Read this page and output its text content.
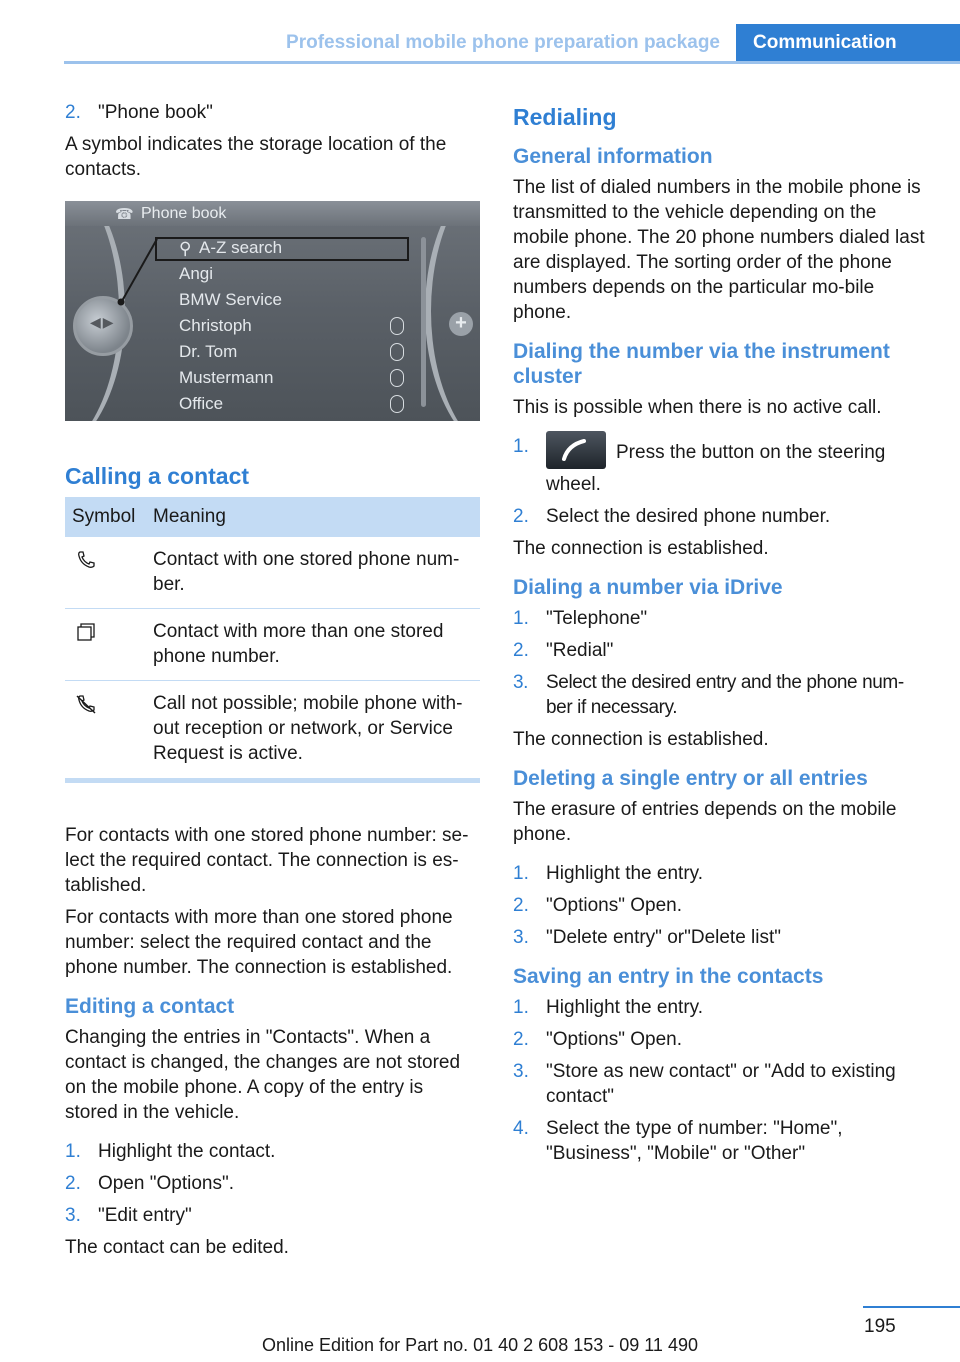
Professional mobile phone preparation package	Communication
2. "Phone book"

A symbol indicates the storage location of the contacts.

☎ Phone book
⚲ A-Z search
Angi
BMW Service
Christoph
Dr. Tom
Mustermann
Office
◀▶	+
Calling a contact
Symbol	Meaning
	Contact with one stored phone num-ber.
	Contact with more than one stored phone number.
	Call not possible; mobile phone with-out reception or network, or Service Request is active.

For contacts with one stored phone number: se-lect the required contact. The connection is es-tablished.

For contacts with more than one stored phone number: select the required contact and the phone number. The connection is established.

Editing a contact

Changing the entries in "Contacts". When a contact is changed, the changes are not stored on the mobile phone. A copy of the entry is stored in the vehicle.

1. Highlight the contact.
2. Open "Options".
3. "Edit entry"

The contact can be edited.

Redialing
General information

The list of dialed numbers in the mobile phone is transmitted to the vehicle depending on the mobile phone. The 20 phone numbers dialed last are displayed. The sorting order of the phone numbers depends on the particular mo-bile phone.

Dialing the number via the instrument cluster

This is possible when there is no active call.

1.	Press the button on the steering wheel.
2. Select the desired phone number.

The connection is established.

Dialing a number via iDrive
1. "Telephone"
2. "Redial"
3. Select the desired entry and the phone num-ber if necessary.

The connection is established.

Deleting a single entry or all entries

The erasure of entries depends on the mobile phone.

1. Highlight the entry.
2. "Options" Open.
3. "Delete entry" or"Delete list"
Saving an entry in the contacts
1. Highlight the entry.
2. "Options" Open.
3. "Store as new contact" or "Add to existing contact"
4. Select the type of number: "Home", "Business", "Mobile" or "Other"
195
Online Edition for Part no. 01 40 2 608 153 - 09 11 490
